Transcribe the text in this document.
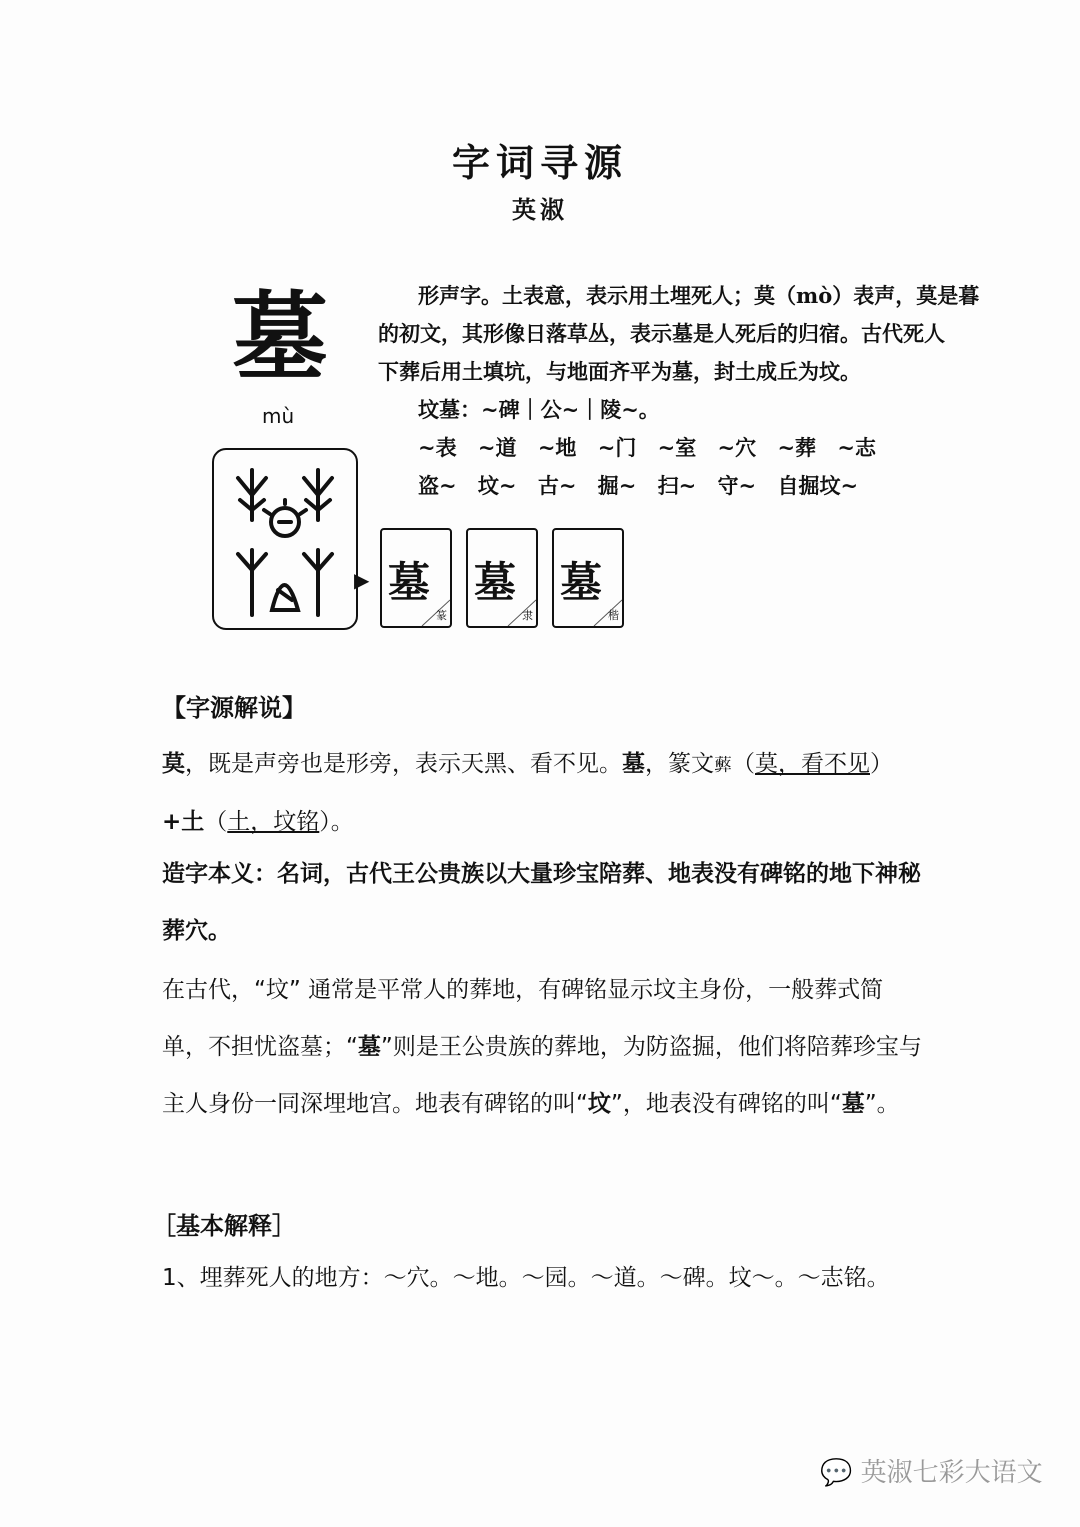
字词寻源
英淑
墓
mù
形声字。土表意，表示用土埋死人；莫（mò）表声，莫是暮
的初文，其形像日落草丛，表示墓是人死后的归宿。古代死人
下葬后用土填坑，与地面齐平为墓，封土成丘为坟。
坟墓：~碑｜公~｜陵~。
~表 ~道 ~地 ~门 ~室 ~穴 ~葬 ~志
盗~ 坟~ 古~ 掘~ 扫~ 守~ 自掘坟~
▶ 墓
篆
墓
隶
墓
楷
【字源解说】
莫，既是声旁也是形旁，表示天黑、看不见。墓，篆文𦿔（莫，看不见）+土（土，坟铭）。
造字本义：名词，古代王公贵族以大量珍宝陪葬、地表没有碑铭的地下神秘葬穴。
在古代，“坟” 通常是平常人的葬地，有碑铭显示坟主身份，一般葬式简单，不担忧盗墓；“墓”则是王公贵族的葬地，为防盗掘，他们将陪葬珍宝与主人身份一同深埋地宫。地表有碑铭的叫“坟”，地表没有碑铭的叫“墓”。
［基本解释］
1、埋葬死人的地方：～穴。～地。～园。～道。～碑。坟～。～志铭。
💬 英淑七彩大语文
